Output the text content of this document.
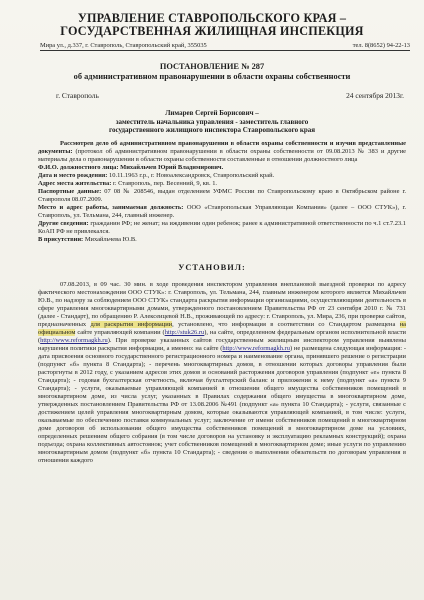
УПРАВЛЕНИЕ СТАВРОПОЛЬСКОГО КРАЯ –
ГОСУДАРСТВЕННАЯ ЖИЛИЩНАЯ ИНСПЕКЦИЯ
Мира ул., д.337, г. Ставрополь, Ставропольский край, 355035	тел. 8(8652) 94-22-13
ПОСТАНОВЛЕНИЕ № 287
об административном правонарушении в области охраны собственности
г. Ставрополь	24 сентября 2013г.
Лимарев Сергей Борисович –
заместитель начальника управления - заместитель главного
государственного жилищного инспектора Ставропольского края
Рассмотрев дело об административном правонарушении в области охраны собственности и изучив представленные документы: (протокол об административном правонарушении в области охраны собственности от 09.08.2013 № 383 и другие материалы дела о правонарушении в области охраны собственности составленные в отношении должностного лица
Ф.И.О. должностного лица: Михайльчев Юрий Владимирович.
Дата и место рождения: 10.11.1963 г.р., г. Новоалександровск, Ставропольский край.
Адрес места жительства: г. Ставрополь, пер. Весенний, 9, кв. 1.
Паспортные данные: 07 08 № 208546, выдан отделением УФМС России по Ставропольскому краю в Октябрьском районе г. Ставрополя 08.07.2009.
Место и адрес работы, занимаемая должность: ООО «Ставропольская Управляющая Компания» (далее – ООО СТУК»), г. Ставрополь, ул. Тельмана, 244, главный инженер.
Другие сведения: гражданин РФ; не женат; на иждивении один ребенок; ранее к административной ответственности по ч.1 ст.7.23.1 КоАП РФ не привлекался.
В присутствии: Михайльчева Ю.В.
УСТАНОВИЛ:
07.08.2013, в 09 час. 30 мин. в ходе проведения инспектором управления внеплановой выездной проверки по адресу фактического местонахождения ООО СТУК»: г. Ставрополь, ул. Тельмана, 244, главным инженером которого является Михайльчев Ю.В., по надзору за соблюдением ООО СТУК» стандарта раскрытия информации организациями, осуществляющими деятельность в сфере управления многоквартирными домами, утвержденного постановлением Правительства РФ от 23 сентября 2010 г. № 731 (далее - Стандарт), по обращению Р. Алексеицевой Н.В., проживающей по адресу: г. Ставрополь, ул. Мира, 236, при проверке сайтов, предназначенных для раскрытия информации, установлено, что информация в соответствии со Стандартом размещена на официальном сайте управляющей компании (http://stuk26.ru), на сайте, определенном федеральным органом исполнительной власти (http://www.reformagkh.ru). При проверке указанных сайтов государственным жилищным инспектором управления выявлены нарушения политики раскрытия информации, а именно: на сайте (http://www.reformagkh.ru) не размещена следующая информация: - дата присвоения основного государственного регистрационного номера и наименование органа, принявшего решение о регистрации (подпункт «б» пункта 8 Стандарта); - перечень многоквартирных домов, в отношении которых договоры управления были расторгнуты в 2012 году, с указанием адресов этих домов и оснований расторжения договоров управления (подпункт «е» пункта 8 Стандарта); - годовая бухгалтерская отчетность, включая бухгалтерский баланс и приложения к нему (подпункт «а» пункта 9 Стандарта); - услуги, оказываемые управляющей компанией в отношении общего имущества собственников помещений в многоквартирном доме, из числа услуг, указанных в Правилах содержания общего имущества в многоквартирном доме, утвержденных постановлением Правительства РФ от 13.08.2006 №491 (подпункт «а» пункта 10 Стандарта); - услуги, связанные с достижением целей управления многоквартирным домом, которые оказываются управляющей компанией, в том числе: услуги, оказываемые по обеспечению поставки коммунальных услуг; заключение от имени собственников помещений в многоквартирном доме договоров об использовании общего имущества собственников помещений в многоквартирном доме на условиях, определенных решением общего собрания (в том числе договоров на установку и эксплуатацию рекламных конструкций); охрана подъезда; охрана коллективных автостоянок; учет собственников помещений в многоквартирном доме; иные услуги по управлению многоквартирным домом (подпункт «б» пункта 10 Стандарта); - сведения о выполнении обязательств по договорам управления в отношении каждого
